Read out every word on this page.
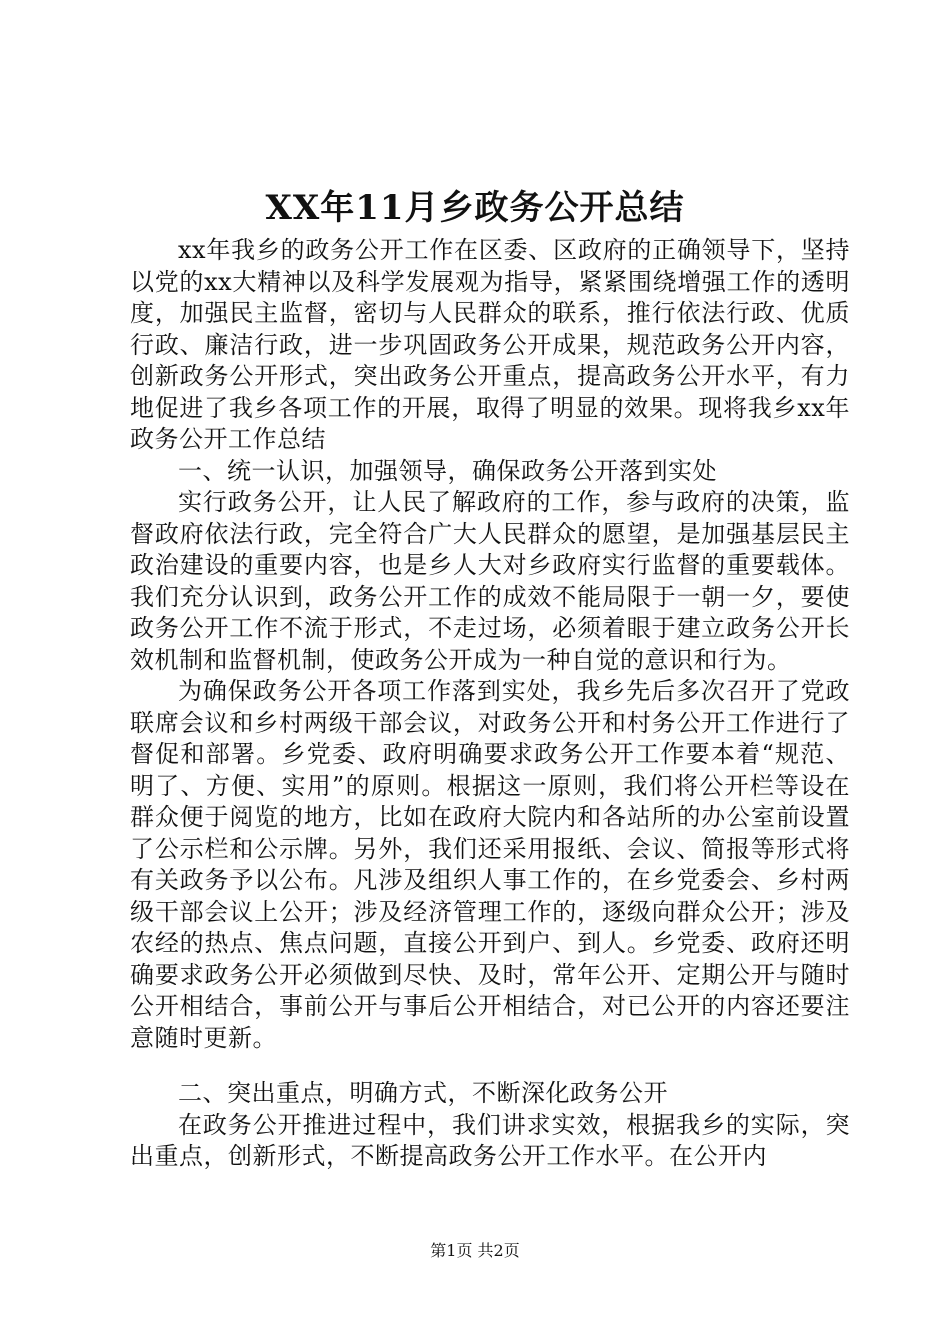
XX年11月乡政务公开总结

xx年我乡的政务公开工作在区委、区政府的正确领导下，坚持以党的xx大精神以及科学发展观为指导，紧紧围绕增强工作的透明度，加强民主监督，密切与人民群众的联系，推行依法行政、优质行政、廉洁行政，进一步巩固政务公开成果，规范政务公开内容，创新政务公开形式，突出政务公开重点，提高政务公开水平，有力地促进了我乡各项工作的开展，取得了明显的效果。现将我乡xx年政务公开工作总结

一、统一认识，加强领导，确保政务公开落到实处

实行政务公开，让人民了解政府的工作，参与政府的决策，监督政府依法行政，完全符合广大人民群众的愿望，是加强基层民主政治建设的重要内容，也是乡人大对乡政府实行监督的重要载体。我们充分认识到，政务公开工作的成效不能局限于一朝一夕，要使政务公开工作不流于形式，不走过场，必须着眼于建立政务公开长效机制和监督机制，使政务公开成为一种自觉的意识和行为。

为确保政务公开各项工作落到实处，我乡先后多次召开了党政联席会议和乡村两级干部会议，对政务公开和村务公开工作进行了督促和部署。乡党委、政府明确要求政务公开工作要本着“规范、明了、方便、实用”的原则。根据这一原则，我们将公开栏等设在群众便于阅览的地方，比如在政府大院内和各站所的办公室前设置了公示栏和公示牌。另外，我们还采用报纸、会议、简报等形式将有关政务予以公布。凡涉及组织人事工作的，在乡党委会、乡村两级干部会议上公开；涉及经济管理工作的，逐级向群众公开；涉及农经的热点、焦点问题，直接公开到户、到人。乡党委、政府还明确要求政务公开必须做到尽快、及时，常年公开、定期公开与随时公开相结合，事前公开与事后公开相结合，对已公开的内容还要注意随时更新。

二、突出重点，明确方式，不断深化政务公开

在政务公开推进过程中，我们讲求实效，根据我乡的实际，突出重点，创新形式，不断提高政务公开工作水平。在公开内

第1页 共2页
